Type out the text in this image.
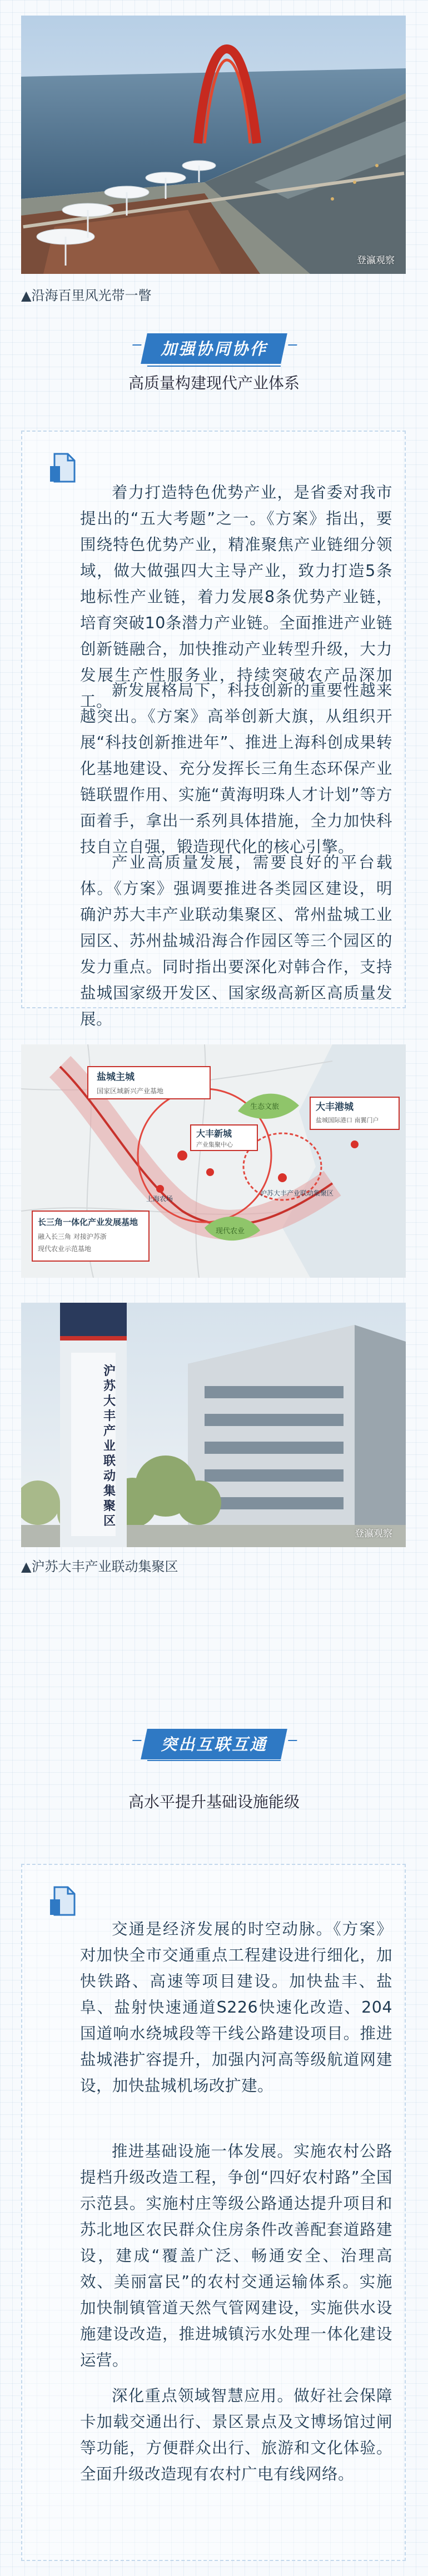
登瀛观察
▲沿海百里风光带一瞥
加强协同协作
高质量构建现代产业体系

着力打造特色优势产业，是省委对我市提出的“五大考题”之一。《方案》指出，要围绕特色优势产业，精准聚焦产业链细分领域，做大做强四大主导产业，致力打造5条地标性产业链，着力发展8条优势产业链，培育突破10条潜力产业链。全面推进产业链创新链融合，加快推动产业转型升级，大力发展生产性服务业，持续突破农产品深加工。

新发展格局下，科技创新的重要性越来越突出。《方案》高举创新大旗，从组织开展“科技创新推进年”、推进上海科创成果转化基地建设、充分发挥长三角生态环保产业链联盟作用、实施“黄海明珠人才计划”等方面着手，拿出一系列具体措施，全力加快科技自立自强，锻造现代化的核心引擎。

产业高质量发展，需要良好的平台载体。《方案》强调要推进各类园区建设，明确沪苏大丰产业联动集聚区、常州盐城工业园区、苏州盐城沿海合作园区等三个园区的发力重点。同时指出要深化对韩合作，支持盐城国家级开发区、国家级高新区高质量发展。

盐城主城
国家区域新兴产业基地
大丰新城
产业集聚中心
大丰港城
盐城国际港口 南翼门户
长三角一体化产业发展基地
融入长三角 对接沪苏浙
现代农业示范基地
上海农场
沪苏大丰产业联动集聚区
生态文旅
现代农业
沪苏大丰产业联动集聚区
登瀛观察
▲沪苏大丰产业联动集聚区
突出互联互通
高水平提升基础设施能级

交通是经济发展的时空动脉。《方案》对加快全市交通重点工程建设进行细化，加快铁路、高速等项目建设。加快盐丰、盐阜、盐射快速通道S226快速化改造、204国道响水绕城段等干线公路建设项目。推进盐城港扩容提升，加强内河高等级航道网建设，加快盐城机场改扩建。

推进基础设施一体发展。实施农村公路提档升级改造工程，争创“四好农村路”全国示范县。实施村庄等级公路通达提升项目和苏北地区农民群众住房条件改善配套道路建设，建成“覆盖广泛、畅通安全、治理高效、美丽富民”的农村交通运输体系。实施加快制镇管道天然气管网建设，实施供水设施建设改造，推进城镇污水处理一体化建设运营。

深化重点领域智慧应用。做好社会保障卡加载交通出行、景区景点及文博场馆过闸等功能，方便群众出行、旅游和文化体验。全面升级改造现有农村广电有线网络。
